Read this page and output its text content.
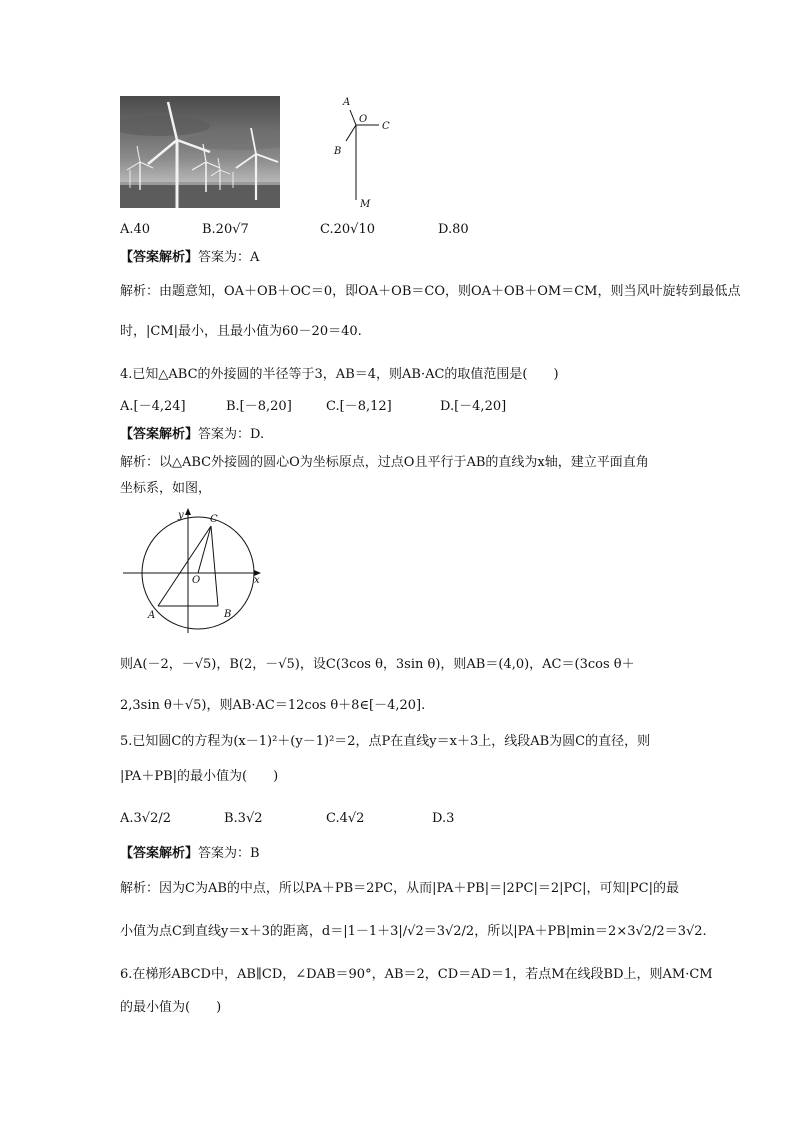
A
O
C
B
M
A.40	B.20√7	C.20√10	D.80
【答案解析】答案为：A
解析：由题意知，OA＋OB＋OC＝0，即OA＋OB＝CO，则OA＋OB＋OM＝CM，则当风叶旋转到最低点
时，|CM|最小，且最小值为60－20＝40.
4.已知△ABC的外接圆的半径等于3，AB＝4，则AB·AC的取值范围是(　　)
A.[－4,24]	B.[－8,20]	C.[－8,12]	D.[－4,20]
【答案解析】答案为：D.
解析：以△ABC外接圆的圆心O为坐标原点，过点O且平行于AB的直线为x轴，建立平面直角
坐标系，如图，
y
x
O
A	B
C
则A(－2，－√5)，B(2，－√5)，设C(3cos θ，3sin θ)，则AB＝(4,0)，AC＝(3cos θ＋
2,3sin θ＋√5)，则AB·AC＝12cos θ＋8∈[－4,20].
5.已知圆C的方程为(x－1)²＋(y－1)²＝2，点P在直线y＝x＋3上，线段AB为圆C的直径，则
|PA＋PB|的最小值为(　　)
A.3√2/2	B.3√2	C.4√2	D.3
【答案解析】答案为：B
解析：因为C为AB的中点，所以PA＋PB＝2PC，从而|PA＋PB|＝|2PC|＝2|PC|，可知|PC|的最
小值为点C到直线y＝x＋3的距离，d＝|1－1＋3|/√2＝3√2/2，所以|PA＋PB|min＝2×3√2/2＝3√2.
6.在梯形ABCD中，AB∥CD，∠DAB＝90°，AB＝2，CD＝AD＝1，若点M在线段BD上，则AM·CM
的最小值为(　　)
